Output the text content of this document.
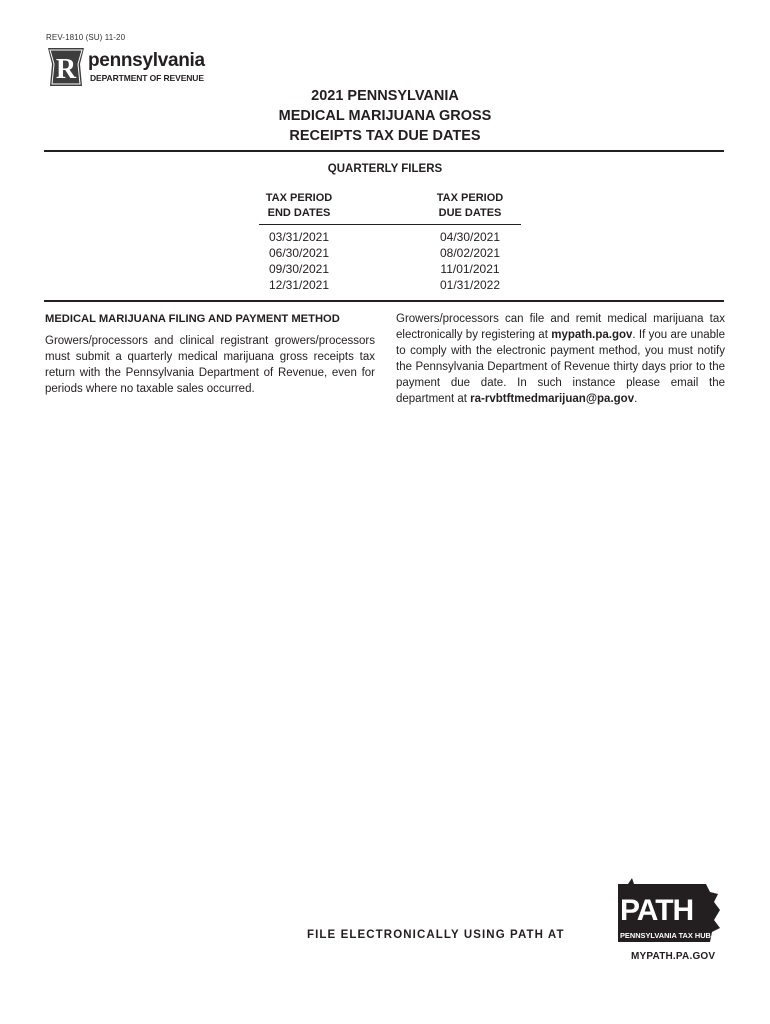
REV-1810 (SU) 11-20
R pennsylvania
DEPARTMENT OF REVENUE
2021 PENNSYLVANIA
MEDICAL MARIJUANA GROSS
RECEIPTS TAX DUE DATES
QUARTERLY FILERS
TAX PERIOD
END DATES
TAX PERIOD
DUE DATES
03/31/2021
06/30/2021
09/30/2021
12/31/2021
04/30/2021
08/02/2021
11/01/2021
01/31/2022
MEDICAL MARIJUANA FILING AND PAYMENT METHOD
Growers/processors and clinical registrant growers/processors must submit a quarterly medical marijuana gross receipts tax return with the Pennsylvania Department of Revenue, even for periods where no taxable sales occurred.
Growers/processors can file and remit medical marijuana tax electronically by registering at mypath.pa.gov. If you are unable to comply with the electronic payment method, you must notify the Pennsylvania Department of Revenue thirty days prior to the payment due date. In such instance please email the department at ra-rvbtftmedmarijuan@pa.gov.
FILE ELECTRONICALLY USING PATH AT
PATH
PENNSYLVANIA TAX HUB
MYPATH.PA.GOV
